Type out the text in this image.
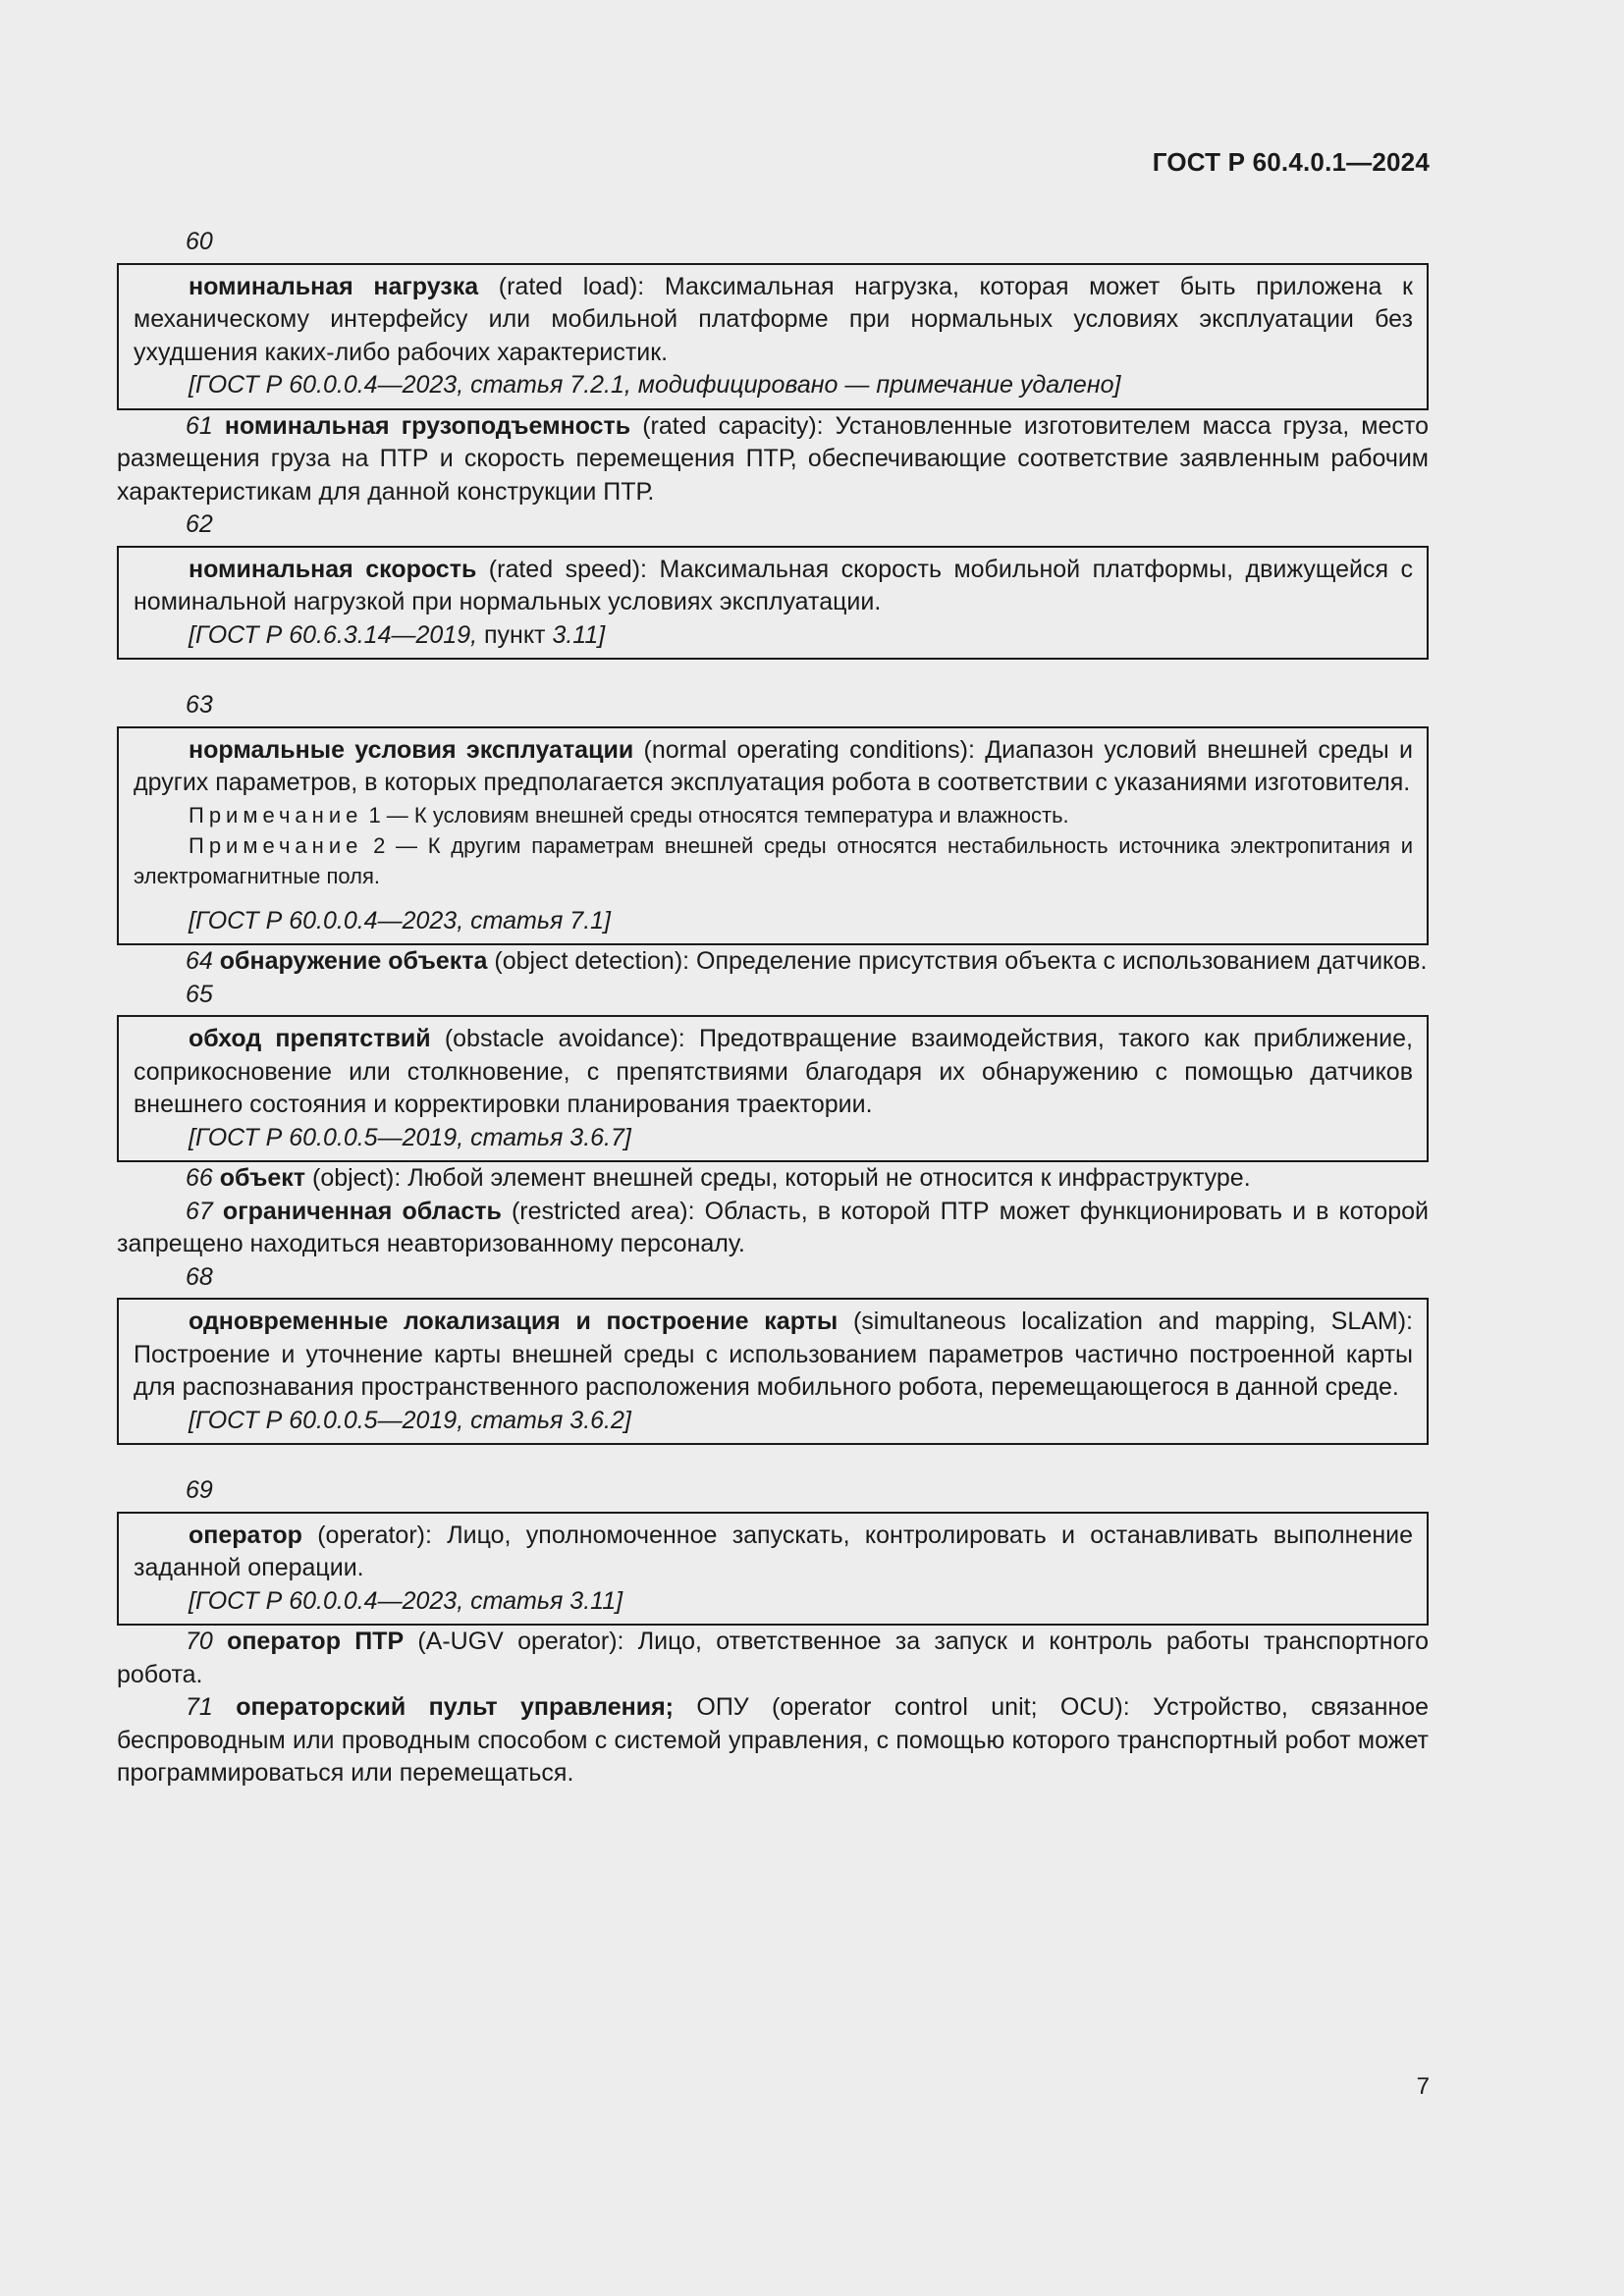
ГОСТ Р 60.4.0.1—2024
60

номинальная нагрузка (rated load): Максимальная нагрузка, которая может быть приложена к механическому интерфейсу или мобильной платформе при нормальных условиях эксплуатации без ухудшения каких-либо рабочих характеристик.

[ГОСТ Р 60.0.0.4—2023, статья 7.2.1, модифицировано — примечание удалено]

61 номинальная грузоподъемность (rated capacity): Установленные изготовителем масса груза, место размещения груза на ПТР и скорость перемещения ПТР, обеспечивающие соответствие заявленным рабочим характеристикам для данной конструкции ПТР.

62

номинальная скорость (rated speed): Максимальная скорость мобильной платформы, движущейся с номинальной нагрузкой при нормальных условиях эксплуатации.

[ГОСТ Р 60.6.3.14—2019, пункт 3.11]
63

нормальные условия эксплуатации (normal operating conditions): Диапазон условий внешней среды и других параметров, в которых предполагается эксплуатация робота в соответствии с указаниями изготовителя.

Примечание 1 — К условиям внешней среды относятся температура и влажность.

Примечание 2 — К другим параметрам внешней среды относятся нестабильность источника электропитания и электромагнитные поля.

[ГОСТ Р 60.0.0.4—2023, статья 7.1]

64 обнаружение объекта (object detection): Определение присутствия объекта с использованием датчиков.

65

обход препятствий (obstacle avoidance): Предотвращение взаимодействия, такого как приближение, соприкосновение или столкновение, с препятствиями благодаря их обнаружению с помощью датчиков внешнего состояния и корректировки планирования траектории.

[ГОСТ Р 60.0.0.5—2019, статья 3.6.7]

66 объект (object): Любой элемент внешней среды, который не относится к инфраструктуре.

67 ограниченная область (restricted area): Область, в которой ПТР может функционировать и в которой запрещено находиться неавторизованному персоналу.

68

одновременные локализация и построение карты (simultaneous localization and mapping, SLAM): Построение и уточнение карты внешней среды с использованием параметров частично построенной карты для распознавания пространственного расположения мобильного робота, перемещающегося в данной среде.

[ГОСТ Р 60.0.0.5—2019, статья 3.6.2]
69

оператор (operator): Лицо, уполномоченное запускать, контролировать и останавливать выполнение заданной операции.

[ГОСТ Р 60.0.0.4—2023, статья 3.11]

70 оператор ПТР (A-UGV operator): Лицо, ответственное за запуск и контроль работы транспортного робота.

71 операторский пульт управления; ОПУ (operator control unit; OCU): Устройство, связанное беспроводным или проводным способом с системой управления, с помощью которого транспортный робот может программироваться или перемещаться.

7
